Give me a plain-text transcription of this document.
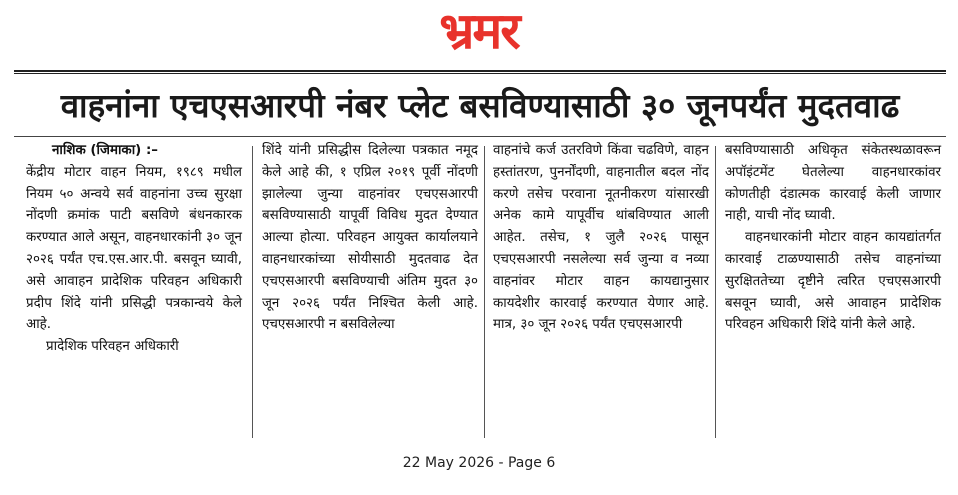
भ्रमर
वाहनांना एचएसआरपी नंबर प्लेट बसविण्यासाठी ३० जूनपर्यंत मुदतवाढ

नाशिक (जिमाका) :–

केंद्रीय मोटार वाहन नियम, १९८९ मधील नियम ५० अन्वये सर्व वाहनांना उच्च सुरक्षा नोंदणी क्रमांक पाटी बसविणे बंधनकारक करण्यात आले असून, वाहनधारकांनी ३० जून २०२६ पर्यंत एच.एस.आर.पी. बसवून घ्यावी, असे आवाहन प्रादेशिक परिवहन अधिकारी प्रदीप शिंदे यांनी प्रसिद्धी पत्रकान्वये केले आहे.

प्रादेशिक परिवहन अधिकारी

शिंदे यांनी प्रसिद्धीस दिलेल्या पत्रकात नमूद केले आहे की, १ एप्रिल २०१९ पूर्वी नोंदणी झालेल्या जुन्या वाहनांवर एचएसआरपी बसविण्यासाठी यापूर्वी विविध मुदत देण्यात आल्या होत्या. परिवहन आयुक्त कार्यालयाने वाहनधारकांच्या सोयीसाठी मुदतवाढ देत एचएसआरपी बसविण्याची अंतिम मुदत ३० जून २०२६ पर्यंत निश्चित केली आहे. एचएसआरपी न बसविलेल्या

वाहनांचे कर्ज उतरविणे किंवा चढविणे, वाहन हस्तांतरण, पुनर्नोंदणी, वाहनातील बदल नोंद करणे तसेच परवाना नूतनीकरण यांसारखी अनेक कामे यापूर्वीच थांबविण्यात आली आहेत. तसेच, १ जुलै २०२६ पासून एचएसआरपी नसलेल्या सर्व जुन्या व नव्या वाहनांवर मोटार वाहन कायद्यानुसार कायदेशीर कारवाई करण्यात येणार आहे. मात्र, ३० जून २०२६ पर्यंत एचएसआरपी

बसविण्यासाठी अधिकृत संकेतस्थळावरून अपॉइंटमेंट घेतलेल्या वाहनधारकांवर कोणतीही दंडात्मक कारवाई केली जाणार नाही, याची नोंद घ्यावी.

वाहनधारकांनी मोटार वाहन कायद्यांतर्गत कारवाई टाळण्यासाठी तसेच वाहनांच्या सुरक्षिततेच्या दृष्टीने त्वरित एचएसआरपी बसवून घ्यावी, असे आवाहन प्रादेशिक परिवहन अधिकारी शिंदे यांनी केले आहे.

22 May 2026 - Page 6
